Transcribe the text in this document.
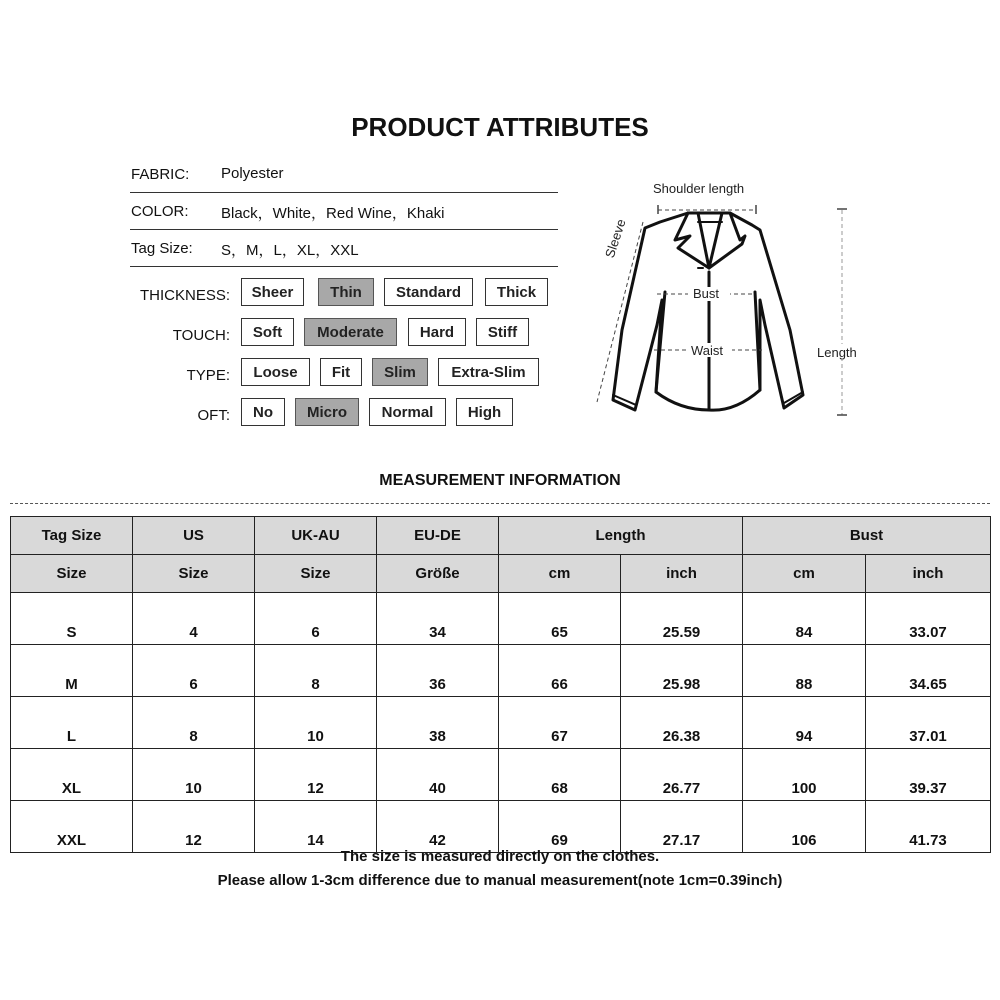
PRODUCT ATTRIBUTES
FABRIC: Polyester
COLOR: Black，White，Red Wine，Khaki
Tag Size: S，M，L，XL，XXL
THICKNESS:	Sheer	Thin	Standard	Thick
TOUCH:	Soft	Moderate	Hard	Stiff
TYPE:	Loose	Fit	Slim	Extra-Slim
OFT:	No	Micro	Normal	High
Shoulder length
Sleeve
Bust
Waist	Length
MEASUREMENT INFORMATION
Tag Size	US	UK-AU	EU-DE	Length		Bust	
Size	Size	Size	Größe	cm	inch	cm	inch
S	4	6	34	65	25.59	84	33.07
M	6	8	36	66	25.98	88	34.65
L	8	10	38	67	26.38	94	37.01
XL	10	12	40	68	26.77	100	39.37
XXL	12	14	42	69	27.17	106	41.73
The size is measured directly on the clothes.
Please allow 1-3cm difference due to manual measurement(note 1cm=0.39inch)
